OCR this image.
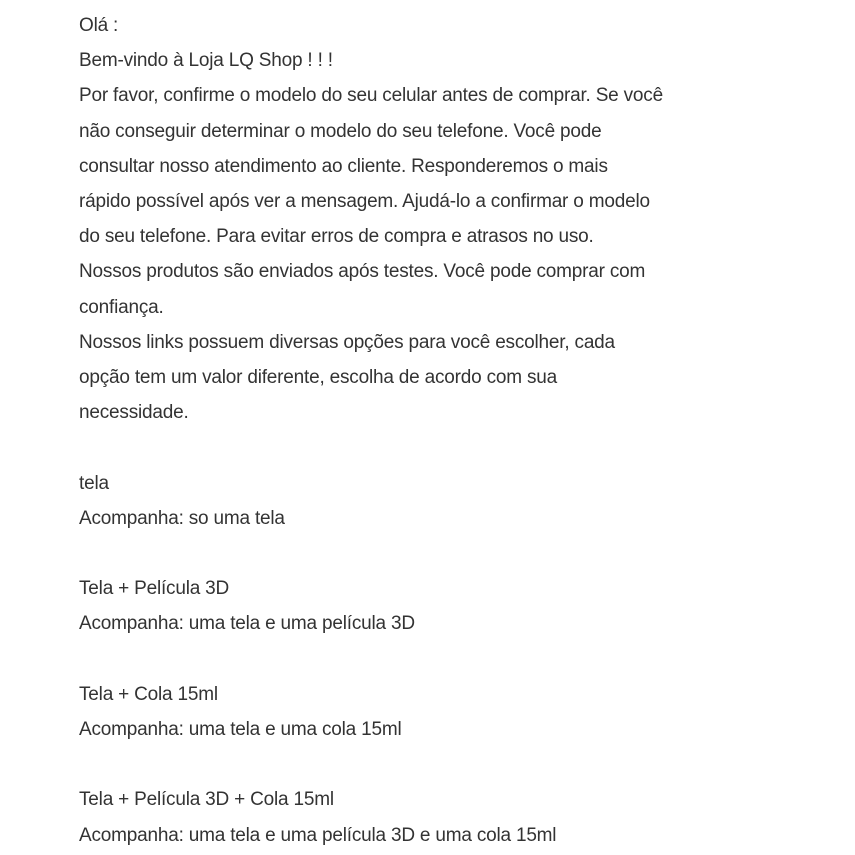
Olá :
Bem-vindo à Loja LQ Shop ! ! !
Por favor, confirme o modelo do seu celular antes de comprar. Se você
não conseguir determinar o modelo do seu telefone. Você pode
consultar nosso atendimento ao cliente. Responderemos o mais
rápido possível após ver a mensagem. Ajudá-lo a confirmar o modelo
do seu telefone. Para evitar erros de compra e atrasos no uso.
Nossos produtos são enviados após testes. Você pode comprar com
confiança.
Nossos links possuem diversas opções para você escolher, cada
opção tem um valor diferente, escolha de acordo com sua
necessidade.
tela
Acompanha: so uma tela
Tela + Película 3D
Acompanha: uma tela e uma película 3D
Tela + Cola 15ml
Acompanha: uma tela e uma cola 15ml
Tela + Película 3D + Cola 15ml
Acompanha: uma tela e uma película 3D e uma cola 15ml
